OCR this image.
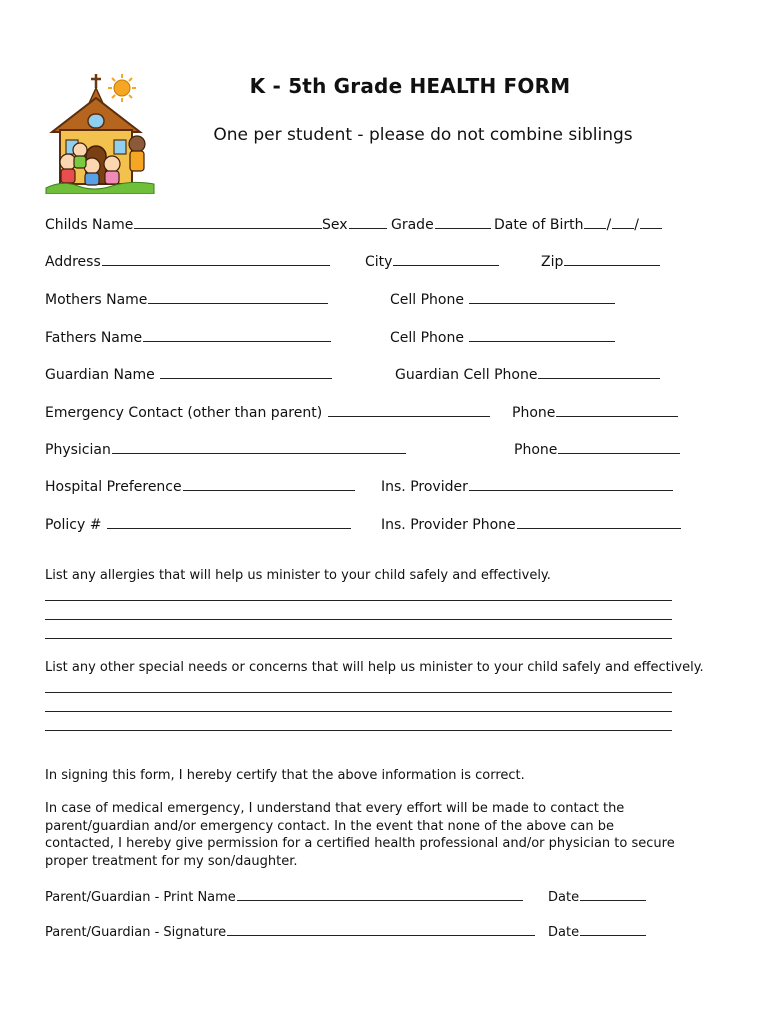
K - 5th Grade HEALTH FORM
One per student - please do not combine siblings
Childs Name	Sex	Grade	Date of Birth / /
Address	City	Zip
Mothers Name	Cell Phone
Fathers Name	Cell Phone
Guardian Name	Guardian Cell Phone
Emergency Contact (other than parent)	Phone
Physician	Phone
Hospital Preference	Ins. Provider
Policy #	Ins. Provider Phone
List any allergies that will help us minister to your child safely and effectively.
List any other special needs or concerns that will help us minister to your child safely and effectively.
In signing this form, I hereby certify that the above information is correct.
In case of medical emergency, I understand that every effort will be made to contact the parent/guardian and/or emergency contact. In the event that none of the above can be contacted, I hereby give permission for a certified health professional and/or physician to secure proper treatment for my son/daughter.
Parent/Guardian - Print Name	Date
Parent/Guardian - Signature	Date
